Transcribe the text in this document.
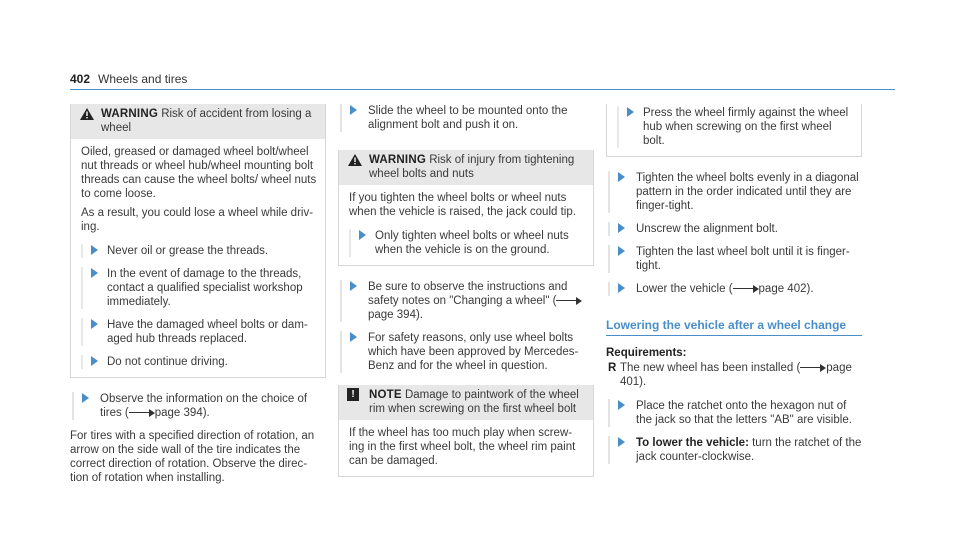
402 Wheels and tires
WARNING Risk of accident from losing a wheel

Oiled, greased or damaged wheel bolt/wheel nut threads or wheel hub/wheel mounting bolt threads can cause the wheel bolts/ wheel nuts to come loose.

As a result, you could lose a wheel while driv- ing.

Never oil or grease the threads.
In the event of damage to the threads, contact a qualified specialist workshop immediately.
Have the damaged wheel bolts or dam- aged hub threads replaced.
Do not continue driving.
Observe the information on the choice of tires ( page 394).

For tires with a specified direction of rotation, an arrow on the side wall of the tire indicates the correct direction of rotation. Observe the direc- tion of rotation when installing.

Slide the wheel to be mounted onto the alignment bolt and push it on.
WARNING Risk of injury from tightening wheel bolts and nuts

If you tighten the wheel bolts or wheel nuts when the vehicle is raised, the jack could tip.

Only tighten wheel bolts or wheel nuts when the vehicle is on the ground.
Be sure to observe the instructions and safety notes on "Changing a wheel" (page 394).
For safety reasons, only use wheel bolts which have been approved by Mercedes- Benz and for the wheel in question.
!	NOTE Damage to paintwork of the wheel rim when screwing on the first wheel bolt

If the wheel has too much play when screw- ing in the first wheel bolt, the wheel rim paint can be damaged.

Press the wheel firmly against the wheel hub when screwing on the first wheel bolt.
Tighten the wheel bolts evenly in a diagonal pattern in the order indicated until they are finger-tight.
Unscrew the alignment bolt.
Tighten the last wheel bolt until it is finger- tight.
Lower the vehicle ( page 402).
Lowering the vehicle after a wheel change
Requirements:
R The new wheel has been installed ( page 401).
Place the ratchet onto the hexagon nut of the jack so that the letters "AB" are visible.
To lower the vehicle: turn the ratchet of the jack counter-clockwise.
